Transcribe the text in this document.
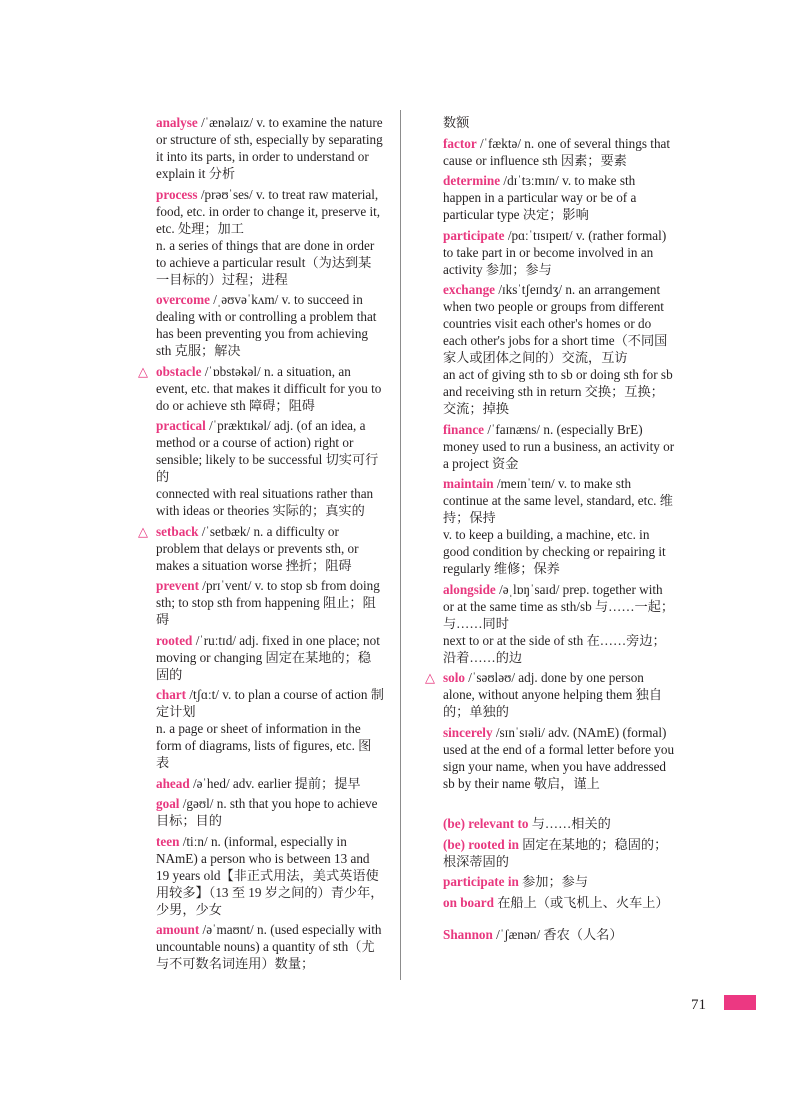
analyse /ˈænəlaɪz/ v. to examine the nature or structure of sth, especially by separating it into its parts, in order to understand or explain it 分析
process /prəʊˈses/ v. to treat raw material, food, etc. in order to change it, preserve it, etc. 处理；加工
n. a series of things that are done in order to achieve a particular result（为达到某一目标的）过程；进程
overcome /ˌəʊvəˈkʌm/ v. to succeed in dealing with or controlling a problem that has been preventing you from achieving sth 克服；解决
△ obstacle /ˈɒbstəkəl/ n. a situation, an event, etc. that makes it difficult for you to do or achieve sth 障碍；阻碍
practical /ˈpræktɪkəl/ adj. (of an idea, a method or a course of action) right or sensible; likely to be successful 切实可行的
connected with real situations rather than with ideas or theories 实际的；真实的
△ setback /ˈsetbæk/ n. a difficulty or problem that delays or prevents sth, or makes a situation worse 挫折；阻碍
prevent /prɪˈvent/ v. to stop sb from doing sth; to stop sth from happening 阻止；阻碍
rooted /ˈruːtɪd/ adj. fixed in one place; not moving or changing 固定在某地的；稳固的
chart /tʃɑːt/ v. to plan a course of action 制定计划
n. a page or sheet of information in the form of diagrams, lists of figures, etc. 图表
ahead /əˈhed/ adv. earlier 提前；提早
goal /gəʊl/ n. sth that you hope to achieve 目标；目的
teen /tiːn/ n. (informal, especially in NAmE) a person who is between 13 and 19 years old【非正式用法，美式英语使用较多】（13 至 19 岁之间的）青少年，少男，少女
amount /əˈmaʊnt/ n. (used especially with uncountable nouns) a quantity of sth（尤与不可数名词连用）数量；
数额
factor /ˈfæktə/ n. one of several things that cause or influence sth 因素；要素
determine /dɪˈtɜːmɪn/ v. to make sth happen in a particular way or be of a particular type 决定；影响
participate /pɑːˈtɪsɪpeɪt/ v. (rather formal) to take part in or become involved in an activity 参加；参与
exchange /ɪksˈtʃeɪndʒ/ n. an arrangement when two people or groups from different countries visit each other's homes or do each other's jobs for a short time（不同国家人或团体之间的）交流，互访
an act of giving sth to sb or doing sth for sb and receiving sth in return 交换；互换；交流；掉换
finance /ˈfaɪnæns/ n. (especially BrE) money used to run a business, an activity or a project 资金
maintain /meɪnˈteɪn/ v. to make sth continue at the same level, standard, etc. 维持；保持
v. to keep a building, a machine, etc. in good condition by checking or repairing it regularly 维修；保养
alongside /əˌlɒŋˈsaɪd/ prep. together with or at the same time as sth/sb 与……一起；与……同时
next to or at the side of sth 在……旁边；沿着……的边
△ solo /ˈsəʊləʊ/ adj. done by one person alone, without anyone helping them 独自的；单独的
sincerely /sɪnˈsɪəli/ adv. (NAmE) (formal) used at the end of a formal letter before you sign your name, when you have addressed sb by their name 敬启，谨上
(be) relevant to 与……相关的
(be) rooted in 固定在某地的；稳固的；根深蒂固的
participate in 参加；参与
on board 在船上（或飞机上、火车上）
Shannon /ˈʃænən/ 香农（人名）
71
